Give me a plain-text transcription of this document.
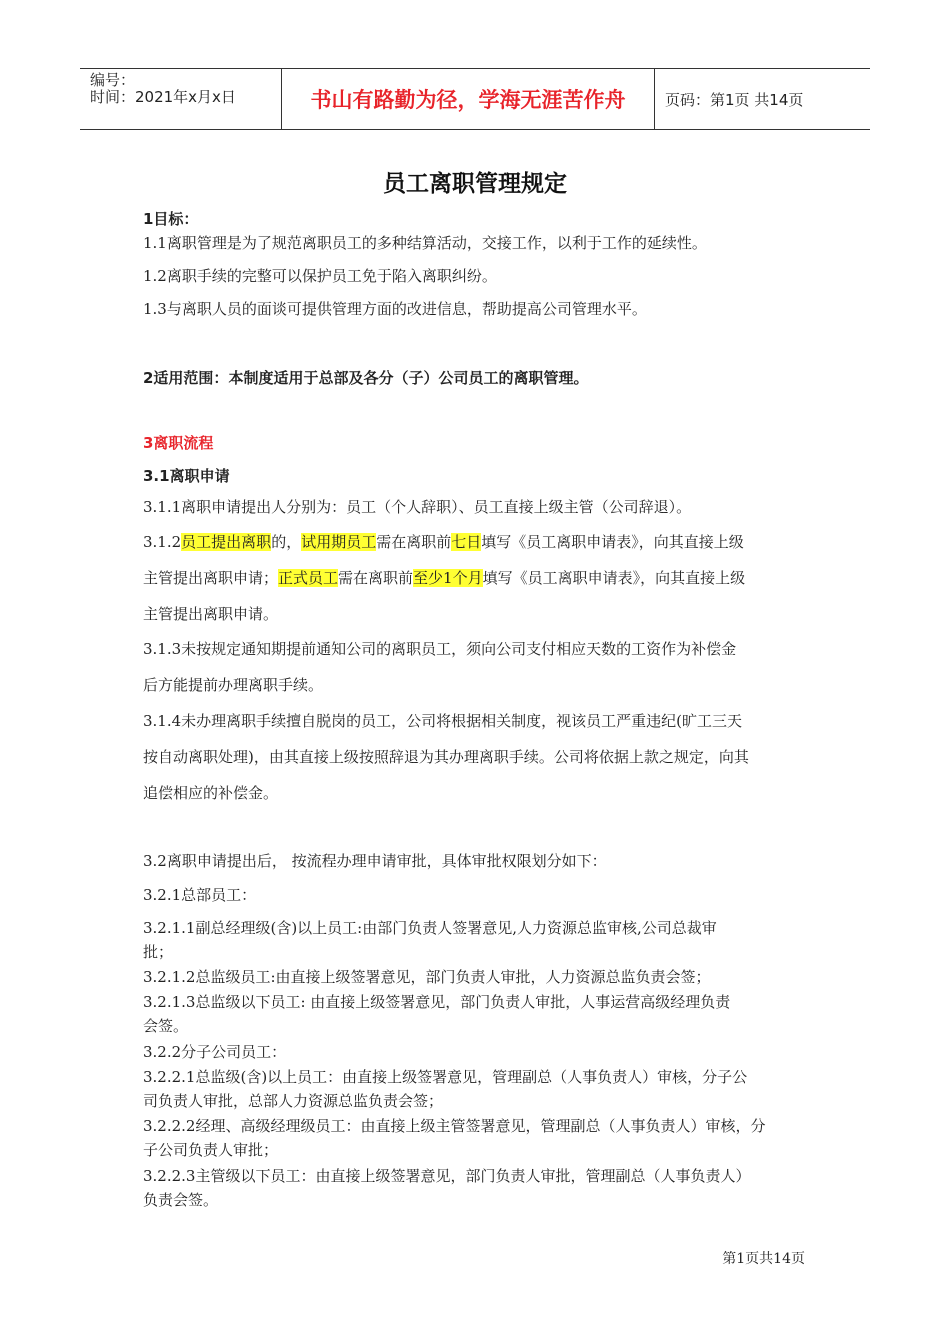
编号：
时间：2021年x月x日	书山有路勤为径，学海无涯苦作舟	页码：第1页 共14页
员工离职管理规定
1目标：
1.1离职管理是为了规范离职员工的多种结算活动，交接工作，以利于工作的延续性。
1.2离职手续的完整可以保护员工免于陷入离职纠纷。
1.3与离职人员的面谈可提供管理方面的改进信息，帮助提高公司管理水平。
2适用范围：本制度适用于总部及各分（子）公司员工的离职管理。
3离职流程
3.1离职申请
3.1.1离职申请提出人分别为：员工（个人辞职）、员工直接上级主管（公司辞退）。
3.1.2员工提出离职的，试用期员工需在离职前七日填写《员工离职申请表》，向其直接上级
主管提出离职申请；正式员工需在离职前至少1个月填写《员工离职申请表》，向其直接上级
主管提出离职申请。
3.1.3未按规定通知期提前通知公司的离职员工，须向公司支付相应天数的工资作为补偿金
后方能提前办理离职手续。
3.1.4未办理离职手续擅自脱岗的员工，公司将根据相关制度，视该员工严重违纪(旷工三天
按自动离职处理)，由其直接上级按照辞退为其办理离职手续。公司将依据上款之规定，向其
追偿相应的补偿金。
3.2离职申请提出后， 按流程办理申请审批，具体审批权限划分如下：
3.2.1总部员工：
3.2.1.1副总经理级(含)以上员工:由部门负责人签署意见,人力资源总监审核,公司总裁审
批；
3.2.1.2总监级员工:由直接上级签署意见，部门负责人审批，人力资源总监负责会签；
3.2.1.3总监级以下员工: 由直接上级签署意见，部门负责人审批，人事运营高级经理负责
会签。
3.2.2分子公司员工：
3.2.2.1总监级(含)以上员工：由直接上级签署意见，管理副总（人事负责人）审核，分子公
司负责人审批，总部人力资源总监负责会签；
3.2.2.2经理、高级经理级员工：由直接上级主管签署意见，管理副总（人事负责人）审核，分
子公司负责人审批；
3.2.2.3主管级以下员工：由直接上级签署意见，部门负责人审批，管理副总（人事负责人）
负责会签。
第1页共14页
